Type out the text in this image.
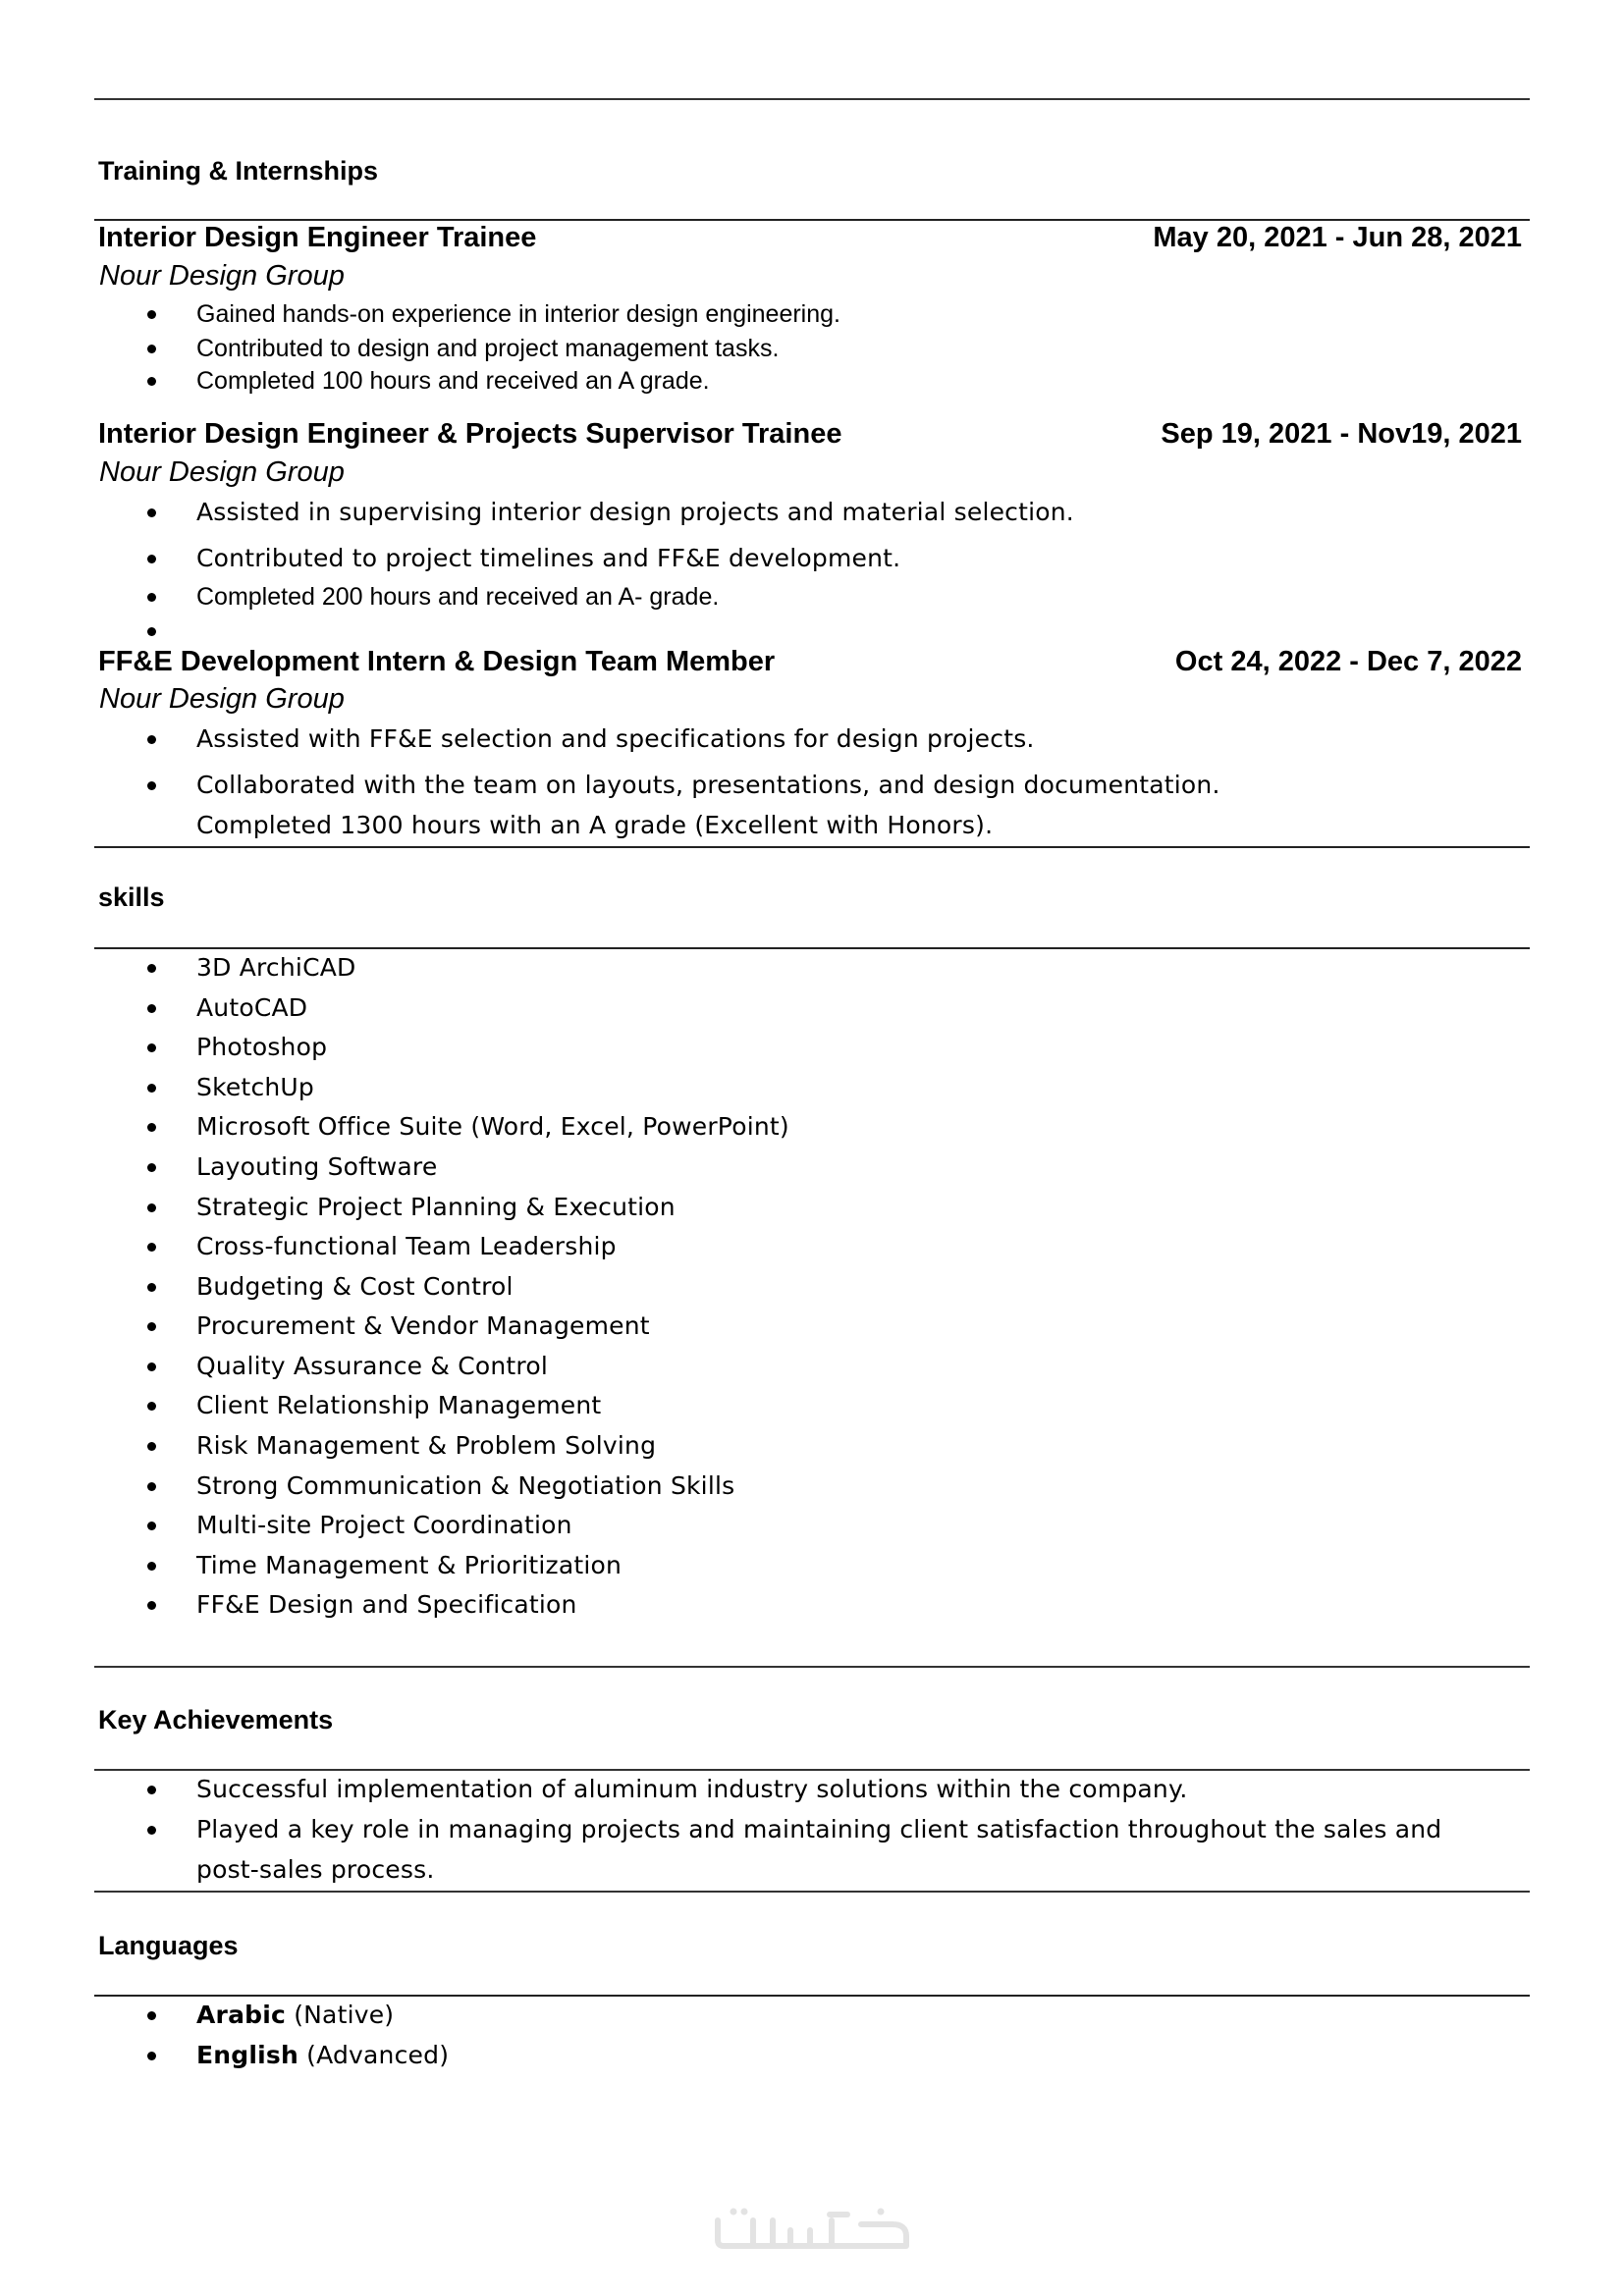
Training & Internships
Interior Design Engineer Trainee	May 20, 2021 - Jun 28, 2021
Nour Design Group
Gained hands-on experience in interior design engineering.
Contributed to design and project management tasks.
Completed 100 hours and received an A grade.
Interior Design Engineer & Projects Supervisor Trainee	Sep 19, 2021 - Nov19, 2021
Nour Design Group
Assisted in supervising interior design projects and material selection.
Contributed to project timelines and FF&E development.
Completed 200 hours and received an A- grade.
FF&E Development Intern & Design Team Member	Oct 24, 2022 - Dec 7, 2022
Nour Design Group
Assisted with FF&E selection and specifications for design projects.
Collaborated with the team on layouts, presentations, and design documentation.
Completed 1300 hours with an A grade (Excellent with Honors).
skills
3D ArchiCAD
AutoCAD
Photoshop
SketchUp
Microsoft Office Suite (Word, Excel, PowerPoint)
Layouting Software
Strategic Project Planning & Execution
Cross-functional Team Leadership
Budgeting & Cost Control
Procurement & Vendor Management
Quality Assurance & Control
Client Relationship Management
Risk Management & Problem Solving
Strong Communication & Negotiation Skills
Multi-site Project Coordination
Time Management & Prioritization
FF&E Design and Specification
Key Achievements
Successful implementation of aluminum industry solutions within the company.
Played a key role in managing projects and maintaining client satisfaction throughout the sales and
post-sales process.
Languages
Arabic (Native)
English (Advanced)
